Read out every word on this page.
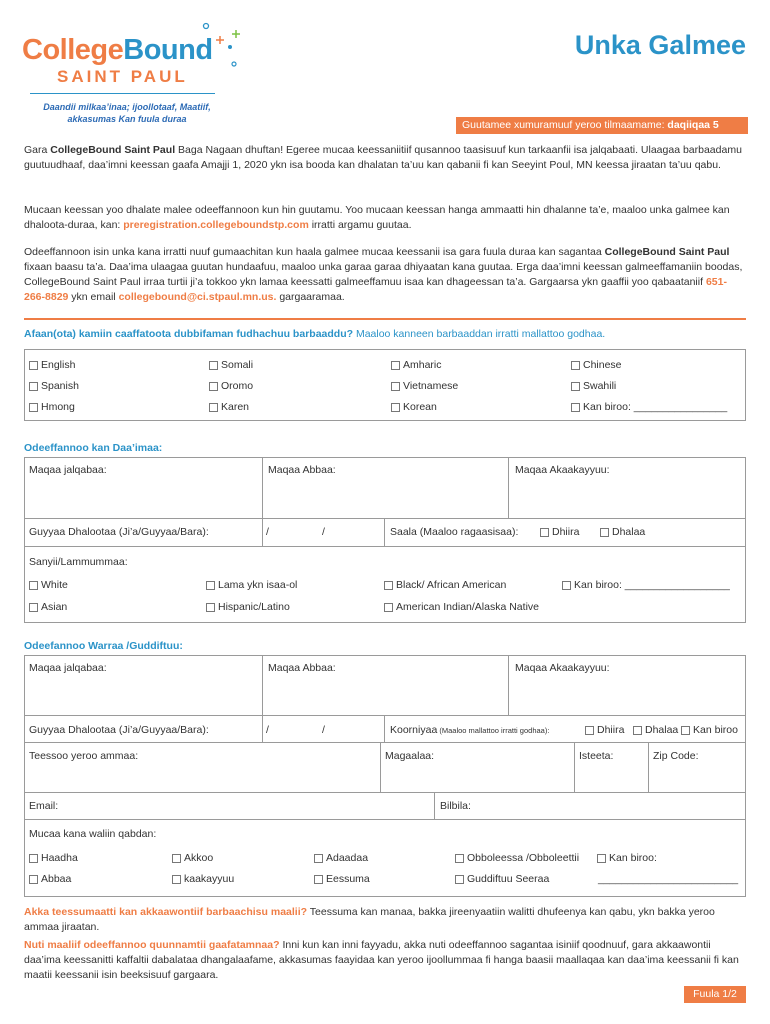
CollegeBound
SAINT PAUL
Daandii milkaa’inaa; ijoollotaaf, Maatiif, akkasumas Kan fuula duraa
Unka Galmee
Guutamee xumuramuuf yeroo tilmaamame: daqiiqaa 5
Gara CollegeBound Saint Paul Baga Nagaan dhuftan! Egeree mucaa keessaniitiif qusannoo taasisuuf kun tarkaanfii isa jalqabaati. Ulaagaa barbaadamu guutuudhaaf, daa’imni keessan gaafa Amajji 1, 2020 ykn isa booda kan dhalatan ta’uu kan qabanii fi kan Seeyint Poul, MN keessa jiraatan ta’uu qabu.
Mucaan keessan yoo dhalate malee odeeffannoon kun hin guutamu. Yoo mucaan keessan hanga ammaatti hin dhalanne ta’e, maaloo unka galmee kan dhaloota-duraa, kan: preregistration.collegeboundstp.com irratti argamu guutaa.
Odeeffannoon isin unka kana irratti nuuf gumaachitan kun haala galmee mucaa keessanii isa gara fuula duraa kan sagantaa CollegeBound Saint Paul fixaan baasu ta’a. Daa’ima ulaagaa guutan hundaafuu, maaloo unka garaa garaa dhiyaatan kana guutaa. Erga daa’imni keessan galmeeffamaniin boodas, CollegeBound Saint Paul irraa turtii ji’a tokkoo ykn lamaa keessatti galmeeffamuu isaa kan dhageessan ta’a. Gargaarsa ykn gaaffii yoo qabaataniif 651-266-8829 ykn email collegebound@ci.stpaul.mn.us. gargaaramaa.
Afaan(ota) kamiin caaffatoota dubbifaman fudhachuu barbaaddu? Maaloo kanneen barbaaddan irratti mallattoo godhaa.
English	Somali	Amharic	Chinese
Spanish	Oromo	Vietnamese	Swahili
Hmong	Karen	Korean	Kan biroo: ________________
Odeeffannoo kan Daa’imaa:
Maqaa jalqabaa:	Maqaa Abbaa:	Maqaa Akaakayyuu:
Guyyaa Dhalootaa (Ji’a/Guyyaa/Bara):	/	/	Saala (Maaloo ragaasisaa):	Dhiira	Dhalaa
Sanyii/Lammummaa:
White	Lama ykn isaa-ol	Black/ African American	Kan biroo: __________________
Asian	Hispanic/Latino	American Indian/Alaska Native
Odeefannoo Warraa /Guddiftuu:
Maqaa jalqabaa:	Maqaa Abbaa:	Maqaa Akaakayyuu:
Guyyaa Dhalootaa (Ji’a/Guyyaa/Bara):	/	/	Koorniyaa (Maaloo mallattoo irratti godhaa):	Dhiira Dhalaa Kan biroo
Teessoo yeroo ammaa:	Magaalaa:	Isteeta:	Zip Code:
Email:	Bilbila:
Mucaa kana waliin qabdan:
Haadha	Akkoo	Adaadaa	Obboleessa /Obboleettii	Kan biroo:
Abbaa	kaakayyuu	Eessuma	Guddiftuu Seeraa	________________________
Akka teessumaatti kan akkaawontiif barbaachisu maalii? Teessuma kan manaa, bakka jireenyaatiin walitti dhufeenya kan qabu, ykn bakka yeroo ammaa jiraatan.
Nuti maaliif odeeffannoo quunnamtii gaafatamnaa? Inni kun kan inni fayyadu, akka nuti odeeffannoo sagantaa isiniif qoodnuuf, gara akkaawontii daa’ima keessanitti kaffaltii dabalataa dhangalaafame, akkasumas faayidaa kan yeroo ijoollummaa fi hanga baasii maallaqaa kan daa’ima keessanii fi kan maatii keessanii isin beeksisuuf gargaara.
Fuula 1/2
